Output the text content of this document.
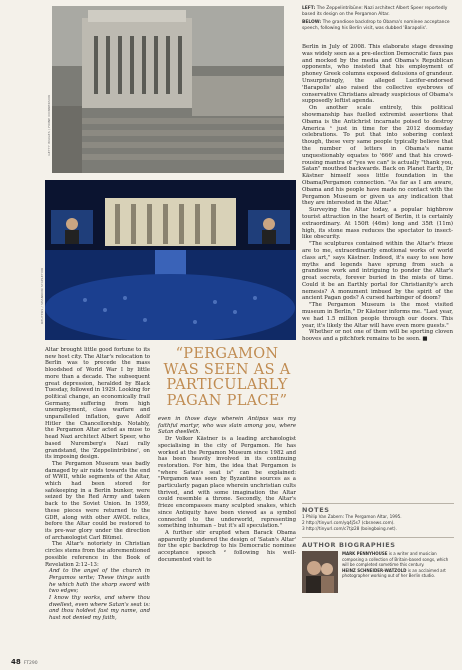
GETTY IMAGES / FINNE DONNERSON
REUTERS / SHANNON STAPLETON

LEFT: The Zeppelintribüne: Nazi architect Albert Speer reportedly based its design on the Pergamon Altar.

BELOW: The grandiose backdrop to Obama's nominee acceptance speech, following his Berlin visit, was dubbed 'Barapolis'.

Berlin in July of 2008. This elaborate stage dressing was widely seen as a pre-election Democratic faux pas and mocked by the media and Obama's Republican opponents, who insisted that his employment of phoney Greek columns exposed delusions of grandeur. Unsurprisingly, the alleged Lucifer-endorsed 'Barapolis' also raised the collective eyebrows of conservative Christians already suspicious of Obama's supposedly leftist agenda.

On another scale entirely, this political showmanship has fuelled extremist assertions that Obama is the Antichrist incarnate poised to destroy America ¹ just in time for the 2012 doomsday celebrations. To put that into sobering context though, these very same people typically believe that the number of letters in Obama's name unquestionably equates to '666' and that his crowd-rousing mantra of "yes we can" is actually "thank you, Satan" mouthed backwards. Back on Planet Earth, Dr Kästner himself sees little foundation in the Obama/Pergamon connection. "As far as I am aware, Obama and his people have made no contact with the Pergamon Museum or given us any indication that they are interested in the Altar."

Surveying the Altar today, a popular highbrow tourist attraction in the heart of Berlin, it is certainly extraordinary. At 150ft (46m) long and 35ft (11m) high, its stone mass reduces the spectator to insect-like obscurity.

"The sculptures contained within the Altar's frieze are to me, extraordinarily emotional works of world class art," says Kästner. Indeed, it's easy to see how myths and legends have sprung from such a grandiose work and intriguing to ponder the Altar's great secrets, forever buried in the mists of time. Could it be an Earthly portal for Christianity's arch nemesis? A monument imbued by the spirit of the ancient Pagan gods? A cursed harbinger of doom?

"The Pergamon Museum is the most visited museum in Berlin," Dr Kästner informs me. "Last year, we had 1.5 million people through our doors. This year, it's likely the Altar will have even more guests."

Whether or not one of them will be sporting cloven hooves and a pitchfork remains to be seen. ■

Altar brought little good fortune to its new host city. The Altar's relocation to Berlin was to precede the mass bloodshed of World War I by little more than a decade. The subsequent great depression, heralded by Black Tuesday, followed in 1929. Looking for political change, an economically frail Germany, suffering from high unemployment, class warfare and unparalleled inflation, gave Adolf Hitler the Chancellorship. Notably, the Pergamon Altar acted as muse to head Nazi architect Albert Speer, who based Nuremberg's Nazi rally grandstand, the 'Zeppelintribüne', on its imposing design.

The Pergamon Museum was badly damaged by air raids towards the end of WWII, while segments of the Altar, which had been stored for safekeeping in a Berlin bunker, were seized by the Red Army and taken back to the Soviet Union. In 1959, these pieces were returned to the GDR, along with other AWOL relics, before the Altar could be restored to its pre-war glory under the direction of archæologist Carl Blümel.

The Altar's notoriety in Christian circles stems from the aforementioned possible reference in the Book of Revelation 2:12–13:

And to the angel of the church in Pergamos write; These things saith he which hath the sharp sword with two edges;

I know thy works, and where thou dwellest, even where Satan's seat is: and thou holdest fast my name, and hast not denied my faith,

“PERGAMON
WAS SEEN AS A
PARTICULARLY
PAGAN PLACE”

even in those days wherein Antipas was my faithful martyr, who was slain among you, where Satan dwelleth.

Dr Volker Kästner is a leading archæologist specialising in the city of Pergamon. He has worked at the Pergamon Museum since 1982 and has been heavily involved in its continuing restoration. For him, the idea that Pergamon is "where Satan's seat is" can be explained: "Pergamon was seen by Byzantine sources as a particularly pagan place wherein unchristian cults thrived, and with some imagination the Altar could resemble a throne. Secondly, the Altar's frieze encompasses many sculpted snakes, which since Antiquity have been viewed as a symbol connected to the underworld, representing something inhuman – but it's all speculation."

A further stir erupted when Barack Obama apparently plundered the design of 'Satan's Altar' for the epic backdrop to his Democratic nominee acceptance speech ² following his well-documented visit to

NOTES
1 Philip Van Zabern: The Pergamon Altar, 1995.
2 http://tinyurl.com/yq4j5s7 (cbsnews.com).
3 http://tinyurl.com/c7tjz28 (boingboing.net).
AUTHOR BIOGRAPHIES
MARK PENNYHOUSE is a writer and musician composing a collection of Britain-based songs, which will be completed sometime this century.
HEINZ SCHNEIDER-WATZOLD is an acclaimed art photographer working out of her Berlin studio.
48 FT290
